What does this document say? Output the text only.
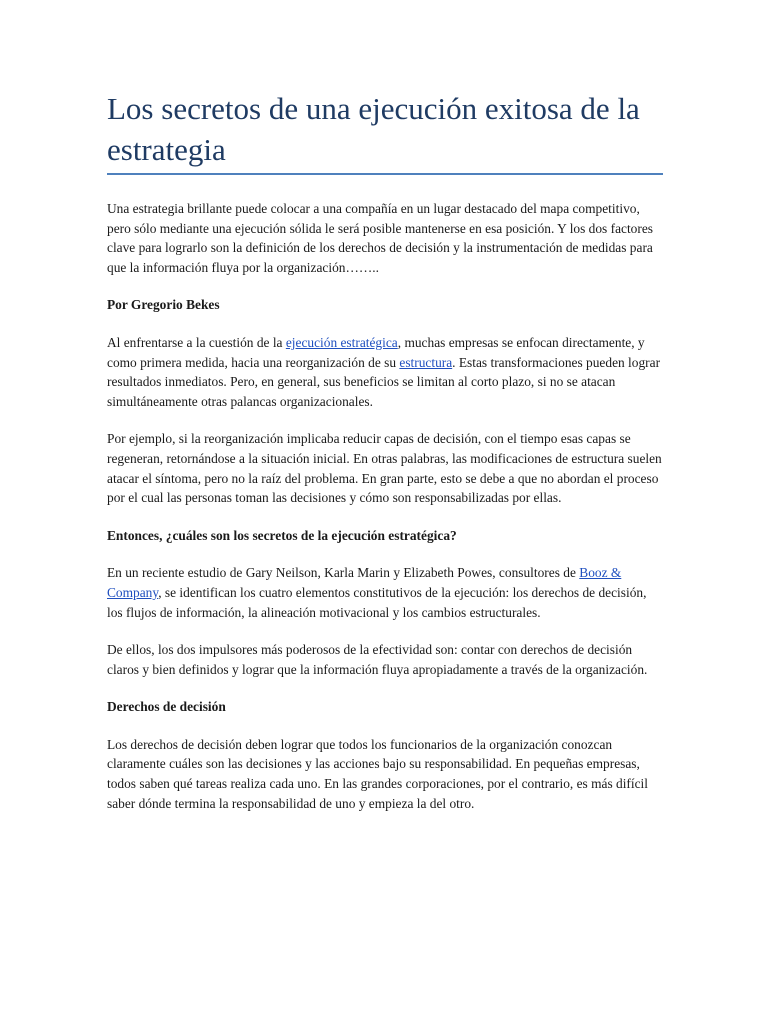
Los secretos de una ejecución exitosa de la estrategia

Una estrategia brillante puede colocar a una compañía en un lugar destacado del mapa competitivo, pero sólo mediante una ejecución sólida le será posible mantenerse en esa posición. Y los dos factores clave para lograrlo son la definición de los derechos de decisión y la instrumentación de medidas para que la información fluya por la organización……..

Por Gregorio Bekes

Al enfrentarse a la cuestión de la ejecución estratégica, muchas empresas se enfocan directamente, y como primera medida, hacia una reorganización de su estructura. Estas transformaciones pueden lograr resultados inmediatos. Pero, en general, sus beneficios se limitan al corto plazo, si no se atacan simultáneamente otras palancas organizacionales.

Por ejemplo, si la reorganización implicaba reducir capas de decisión, con el tiempo esas capas se regeneran, retornándose a la situación inicial. En otras palabras, las modificaciones de estructura suelen atacar el síntoma, pero no la raíz del problema. En gran parte, esto se debe a que no abordan el proceso por el cual las personas toman las decisiones y cómo son responsabilizadas por ellas.

Entonces, ¿cuáles son los secretos de la ejecución estratégica?

En un reciente estudio de Gary Neilson, Karla Marin y Elizabeth Powes, consultores de Booz & Company, se identifican los cuatro elementos constitutivos de la ejecución: los derechos de decisión, los flujos de información, la alineación motivacional y los cambios estructurales.

De ellos, los dos impulsores más poderosos de la efectividad son: contar con derechos de decisión claros y bien definidos y lograr que la información fluya apropiadamente a través de la organización.

Derechos de decisión

Los derechos de decisión deben lograr que todos los funcionarios de la organización conozcan claramente cuáles son las decisiones y las acciones bajo su responsabilidad. En pequeñas empresas, todos saben qué tareas realiza cada uno. En las grandes corporaciones, por el contrario, es más difícil saber dónde termina la responsabilidad de uno y empieza la del otro.
